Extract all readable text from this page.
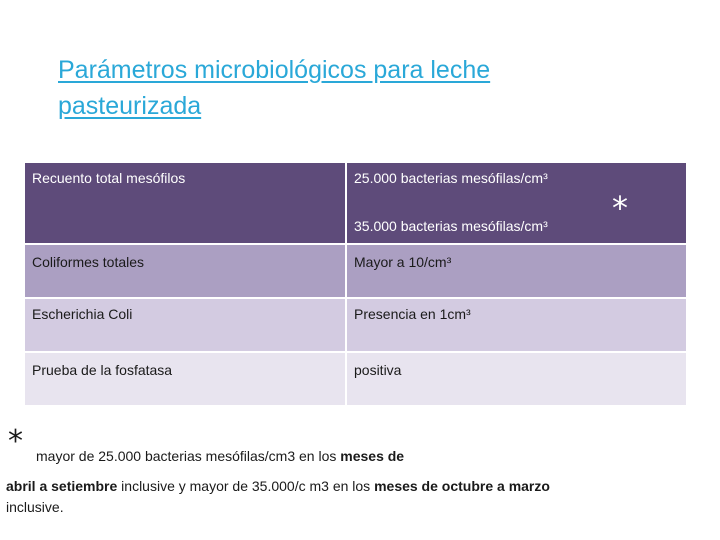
Parámetros microbiológicos para leche pasteurizada
Recuento total mesófilos	25.000 bacterias mesófilas/cm³
35.000 bacterias mesófilas/cm³
Coliformes totales	Mayor a 10/cm³
Escherichia Coli	Presencia en 1cm³
Prueba de la fosfatasa	positiva
*
* mayor de 25.000 bacterias mesófilas/cm3 en los meses de
abril a setiembre inclusive y mayor de 35.000/c m3 en los meses de octubre a marzo inclusive.
